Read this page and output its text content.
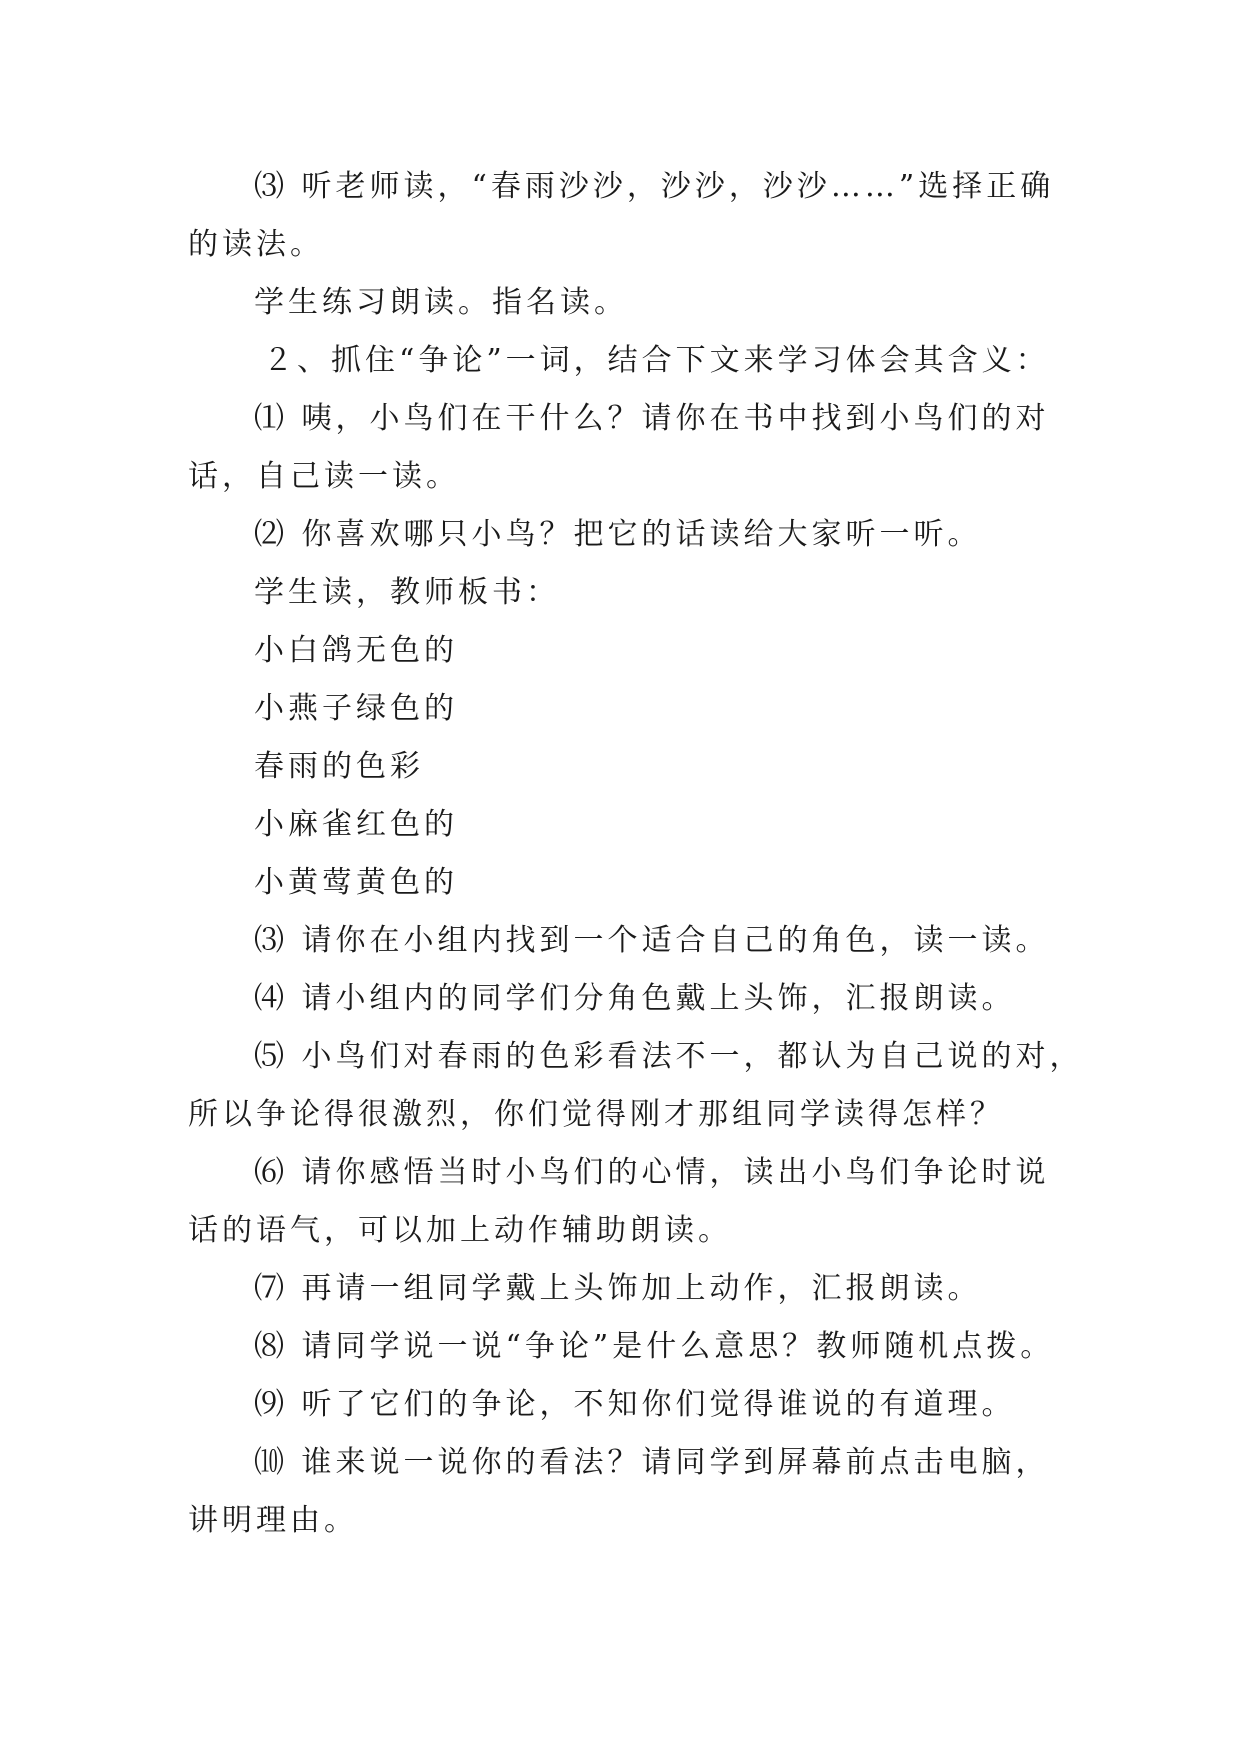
⑶ 听老师读，“春雨沙沙，沙沙，沙沙……”选择正确

的读法。

学生练习朗读。指名读。

２、抓住“争论”一词，结合下文来学习体会其含义：

⑴ 咦，小鸟们在干什么？请你在书中找到小鸟们的对

话，自己读一读。

⑵ 你喜欢哪只小鸟？把它的话读给大家听一听。

学生读，教师板书：

小白鸽无色的

小燕子绿色的

春雨的色彩

小麻雀红色的

小黄莺黄色的

⑶ 请你在小组内找到一个适合自己的角色，读一读。

⑷ 请小组内的同学们分角色戴上头饰，汇报朗读。

⑸ 小鸟们对春雨的色彩看法不一，都认为自己说的对，

所以争论得很激烈，你们觉得刚才那组同学读得怎样？

⑹ 请你感悟当时小鸟们的心情，读出小鸟们争论时说

话的语气，可以加上动作辅助朗读。

⑺ 再请一组同学戴上头饰加上动作，汇报朗读。

⑻ 请同学说一说“争论”是什么意思？教师随机点拨。

⑼ 听了它们的争论，不知你们觉得谁说的有道理。

⑽ 谁来说一说你的看法？请同学到屏幕前点击电脑，

讲明理由。
